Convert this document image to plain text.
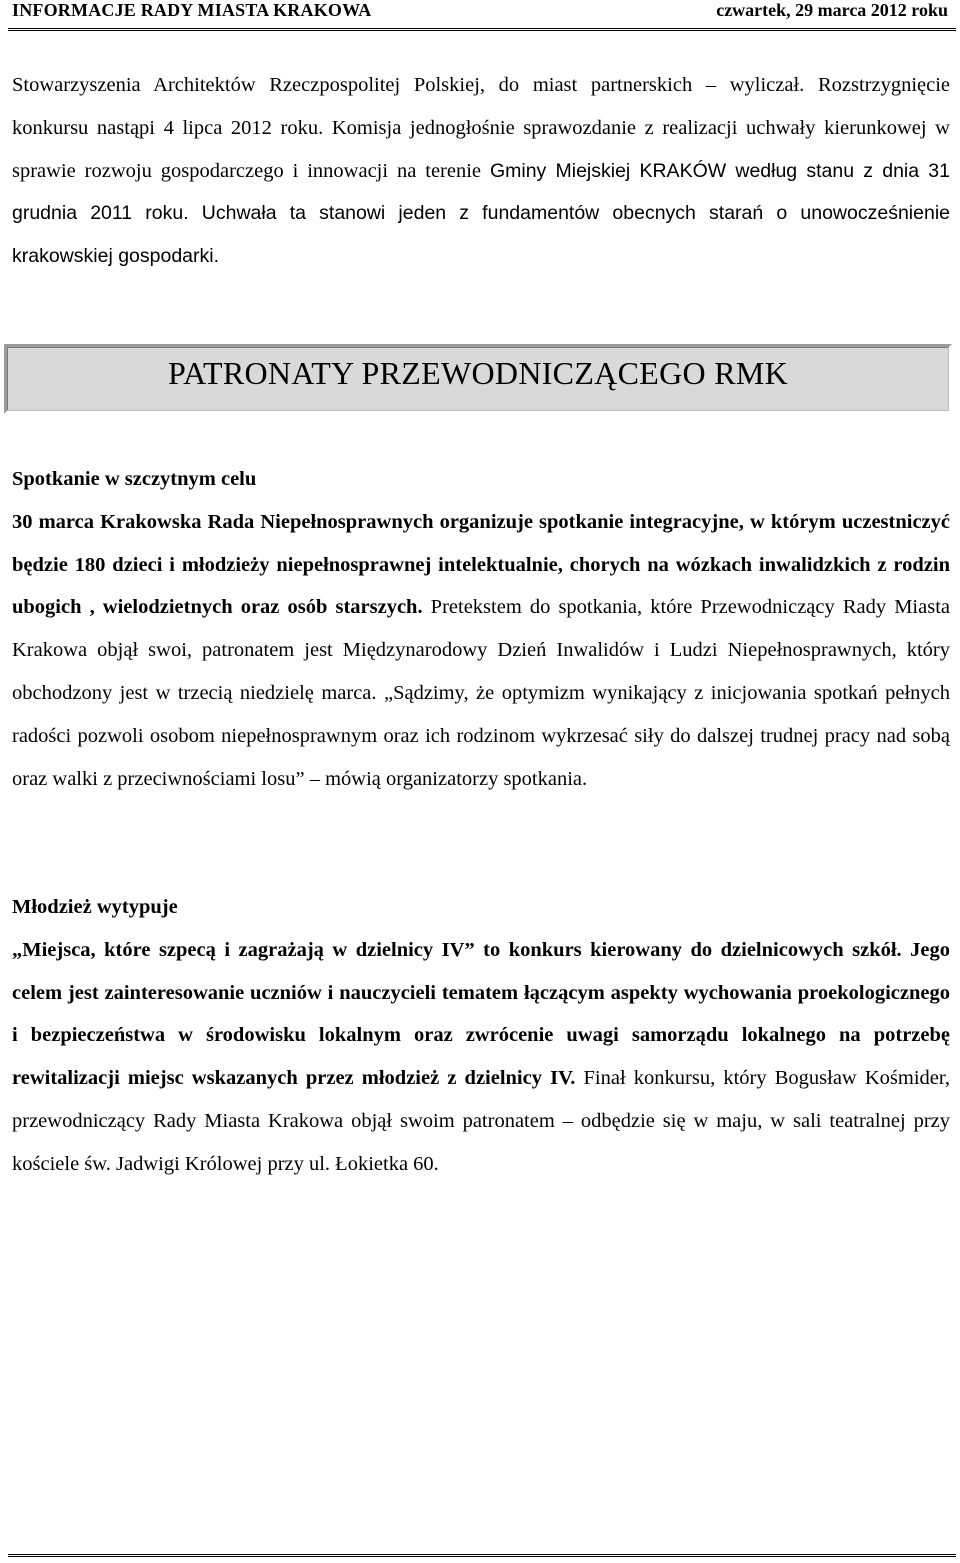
INFORMACJE RADY MIASTA KRAKOWA	czwartek, 29 marca 2012 roku

Stowarzyszenia Architektów Rzeczpospolitej Polskiej, do miast partnerskich – wyliczał. Rozstrzygnięcie konkursu nastąpi 4 lipca 2012 roku. Komisja jednogłośnie sprawozdanie z realizacji uchwały kierunkowej w sprawie rozwoju gospodarczego i innowacji na terenie Gminy Miejskiej KRAKÓW według stanu z dnia 31 grudnia 2011 roku. Uchwała ta stanowi jeden z fundamentów obecnych starań o unowocześnienie krakowskiej gospodarki.

PATRONATY PRZEWODNICZĄCEGO RMK

Spotkanie w szczytnym celu

30 marca Krakowska Rada Niepełnosprawnych organizuje spotkanie integracyjne, w którym uczestniczyć będzie 180 dzieci i młodzieży niepełnosprawnej intelektualnie, chorych na wózkach inwalidzkich z rodzin ubogich , wielodzietnych oraz osób starszych. Pretekstem do spotkania, które Przewodniczący Rady Miasta Krakowa objął swoi, patronatem jest Międzynarodowy Dzień Inwalidów i Ludzi Niepełnosprawnych, który obchodzony jest w trzecią niedzielę marca. „Sądzimy, że optymizm wynikający z inicjowania spotkań pełnych radości pozwoli osobom niepełnosprawnym oraz ich rodzinom wykrzesać siły do dalszej trudnej pracy nad sobą oraz walki z przeciwnościami losu” – mówią organizatorzy spotkania.

Młodzież wytypuje

„Miejsca, które szpecą i zagrażają w dzielnicy IV” to konkurs kierowany do dzielnicowych szkół. Jego celem jest zainteresowanie uczniów i nauczycieli tematem łączącym aspekty wychowania proekologicznego i bezpieczeństwa w środowisku lokalnym oraz zwrócenie uwagi samorządu lokalnego na potrzebę rewitalizacji miejsc wskazanych przez młodzież z dzielnicy IV. Finał konkursu, który Bogusław Kośmider, przewodniczący Rady Miasta Krakowa objął swoim patronatem – odbędzie się w maju, w sali teatralnej przy kościele św. Jadwigi Królowej przy ul. Łokietka 60.
